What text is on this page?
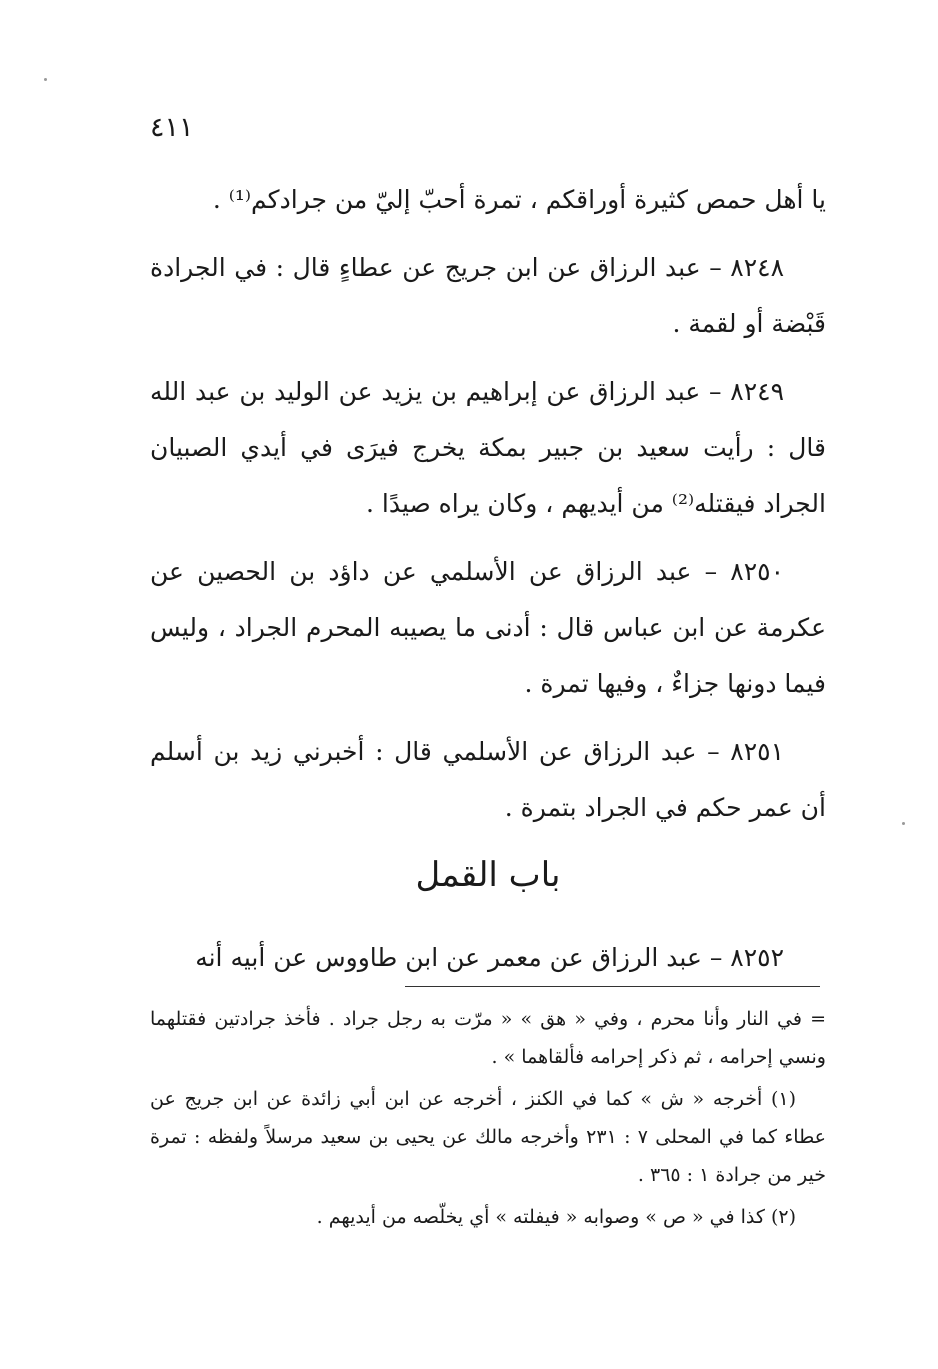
٤١١

يا أهل حمص كثيرة أوراقكم ، تمرة أحبّ إليّ من جرادكم⁽¹⁾ .

٨٢٤٨ – عبد الرزاق عن ابن جريج عن عطاءٍ قال : في الجرادة قَبْضة أو لقمة .

٨٢٤٩ – عبد الرزاق عن إبراهيم بن يزيد عن الوليد بن عبد الله قال : رأيت سعيد بن جبير بمكة يخرج فيرَى في أيدي الصبيان الجراد فيقتله⁽²⁾ من أيديهم ، وكان يراه صيدًا .

٨٢٥٠ – عبد الرزاق عن الأسلمي عن داؤد بن الحصين عن عكرمة عن ابن عباس قال : أدنى ما يصيبه المحرم الجراد ، وليس فيما دونها جزاءٌ ، وفيها تمرة .

٨٢٥١ – عبد الرزاق عن الأسلمي قال : أخبرني زيد بن أسلم أن عمر حكم في الجراد بتمرة .

باب القمل
٨٢٥٢ – عبد الرزاق عن معمر عن ابن طاووس عن أبيه أنه

= في النار وأنا محرم ، وفي « هق » « مرّت به رجل جراد . فأخذ جرادتين فقتلهما ونسي إحرامه ، ثم ذكر إحرامه فألقاهما » .

(١) أخرجه « ش » كما في الكنز ، أخرجه عن ابن أبي زائدة عن ابن جريج عن عطاء كما في المحلى ٧ : ٢٣١ وأخرجه مالك عن يحيى بن سعيد مرسلاً ولفظه : تمرة خير من جرادة ١ : ٣٦٥ .

(٢) كذا في « ص » وصوابه « فيفلته » أي يخلّصه من أيديهم .
